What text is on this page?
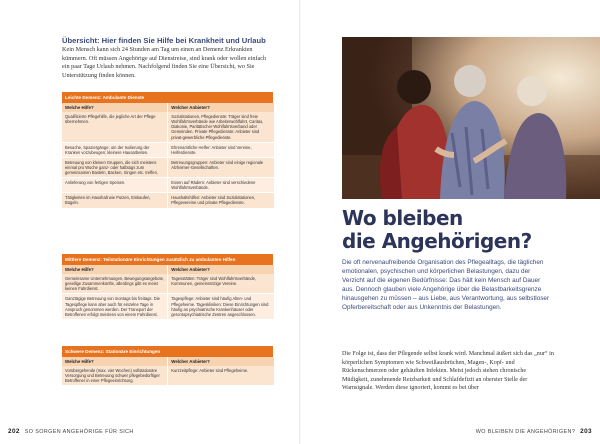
Übersicht: Hier finden Sie Hilfe bei Krankheit und Urlaub

Kein Mensch kann sich 24 Stunden am Tag um einen an Demenz Erkrankten kümmern. Oft müssen Angehörige auf Dienstreise, sind krank oder wollen einfach ein paar Tage Urlaub nehmen. Nachfolgend finden Sie eine Übersicht, wo Sie Unterstützung finden können.

Leichte Demenz: Ambulante Dienste	
Welche Hilfe?	Welcher Anbieter?
Qualifizierte Pflegehilfe, die jegliche Art der Pflege übernehmen.	Sozialstationen, Pflegedienste: Träger sind freie Wohlfahrtsverbände wie Arbeiterwohlfahrt, Caritas, Diakonie, Paritätischer Wohlfahrtsverband oder Gemeinden. Private Pflegedienste: Anbieter sind privat-gewerbliche Pflegedienste.
Besuche, Spaziergänge; um der Isolierung der Kranken vorzubeugen; kleinere Hausarbeiten.	Ehrenamtliche Helfer: Anbieter sind Vereine, Helferdienste.
Betreuung von kleinen Gruppen, die sich meistens einmal pro Woche ganz- oder halbtags zum gemeinsamen Basteln, Backen, Singen etc. treffen.	Betreuungsgruppen: Anbieter sind einige regionale Alzheimer-Gesellschaften.
Anlieferung von fertigen Speisen.	Essen auf Rädern: Anbieter sind verschiedene Wohlfahrtsverbände.
Tätigkeiten im Haushalt wie Putzen, Einkaufen, Bügeln.	Haushaltshilfen: Anbieter sind Sozialstationen, Pflegevereine und private Pflegedienste.
Mittlere Demenz: Teilstationäre Einrichtungen zusätzlich zu ambulanten Hilfen	
Welche Hilfe?	Welcher Anbieter?
Gemeinsame Unternehmungen, Bewegungsangebote, gesellige Zusammenkünfte, allerdings gibt es meist keinen Fahrdienst.	Tagesstätten: Träger sind Wohlfahrtsverbände, Kommunen, gemeinnützige Vereine.
Ganztägige Betreuung von montags bis freitags. Die Tagespflege kann aber auch für einzelne Tage in Anspruch genommen werden. Der Transport der Betroffenen erfolgt meistens von einem Fahrdienst.	Tagespflege: Anbieter sind häufig Alten- und Pflegeheime. Tageskliniken: Diese Einrichtungen sind häufig an psychiatrische Krankenhäuser oder gerontopsychiatrische Zentren angeschlossen.
Schwere Demenz: Stationäre Einrichtungen	
Welche Hilfe?	Welcher Anbieter?
Vorübergehende (max. vier Wochen) vollstationäre Versorgung und Betreuung schwer pflegebedürftiger Betroffener in einer Pflegeeinrichtung.	Kurzzeitpflege: Anbieter sind Pflegeheime.
202 SO SORGEN ANGEHÖRIGE FÜR SICH
Wo bleiben
die Angehörigen?

Die oft nervenaufreibende Organisation des Pflegealltags, die täglichen emotionalen, psychischen und körperlichen Belastungen, dazu der Verzicht auf die eigenen Bedürfnisse: Das hält kein Mensch auf Dauer aus. Dennoch glauben viele Angehörige über die Belastbarkeitsgrenze hinausgehen zu müssen – aus Liebe, aus Verantwortung, aus selbstloser Opferbereitschaft oder aus Unkenntnis der Belastungen.

Die Folge ist, dass der Pflegende selbst krank wird. Manchmal äußert sich das „nur“ in körperlichen Symptomen wie Schweißausbrüchen, Magen-, Kopf- und Rückenschmerzen oder gehäuften Infekten. Meist jedoch stehen chronische Müdigkeit, zunehmende Reizbarkeit und Schlafdefizit an oberster Stelle der Warnsignale. Werden diese ignoriert, kommt es bei über

WO BLEIBEN DIE ANGEHÖRIGEN? 203
